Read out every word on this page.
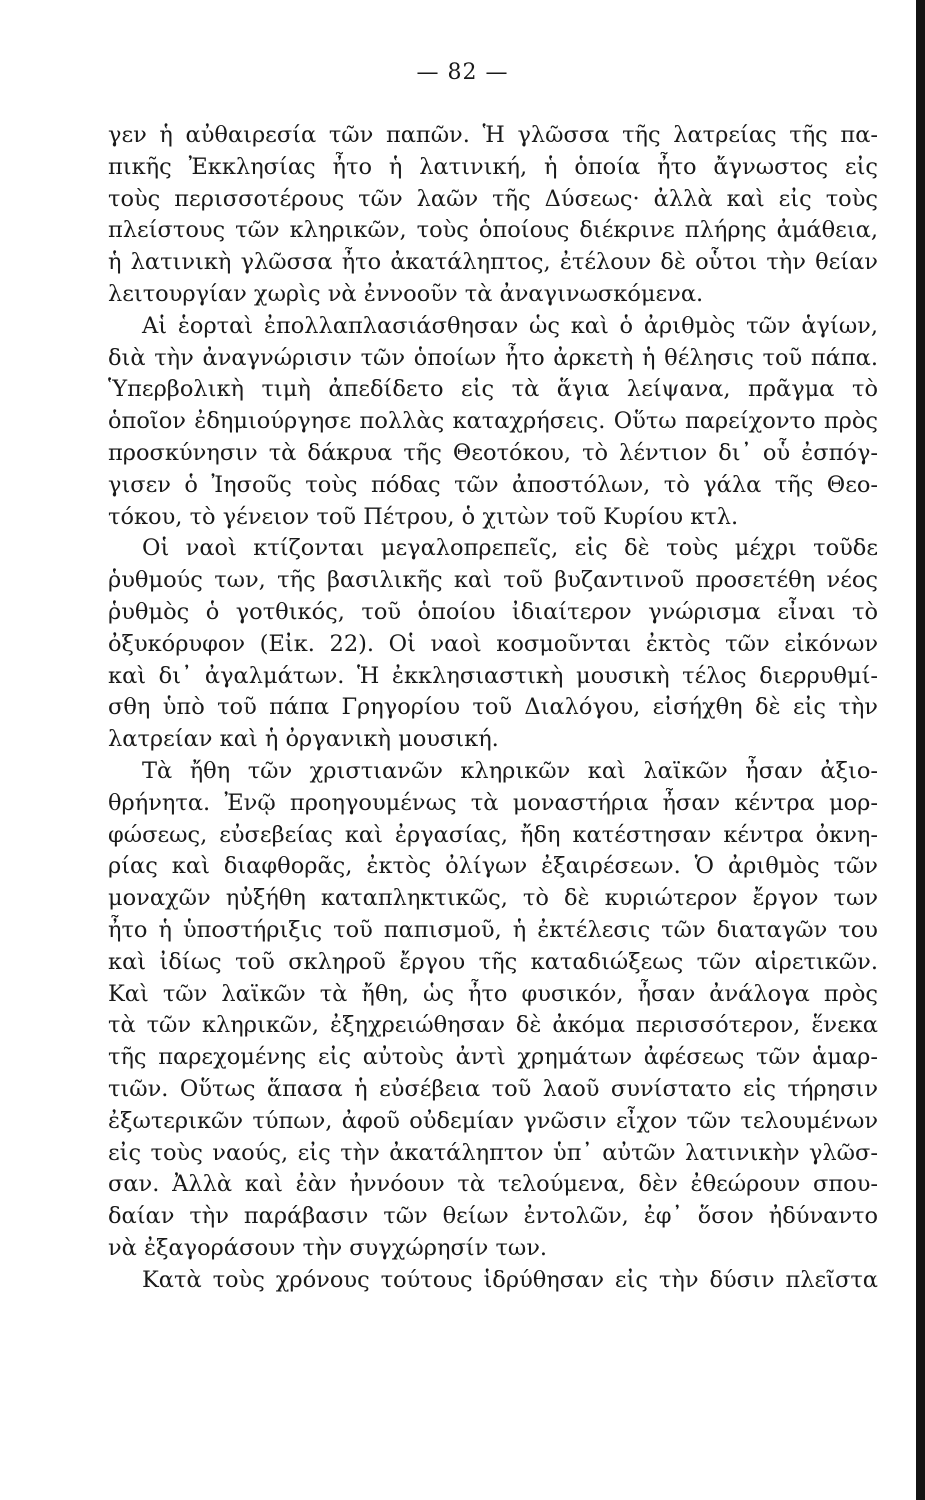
— 82 —
γεν ἡ αὐθαιρεσία τῶν παπῶν. Ἡ γλῶσσα τῆς λατρείας τῆς πα-
πικῆς Ἐκκλησίας ἦτο ἡ λατινική, ἡ ὁποία ἦτο ἄγνωστος εἰς
τοὺς περισσοτέρους τῶν λαῶν τῆς Δύσεως· ἀλλὰ καὶ εἰς τοὺς
πλείστους τῶν κληρικῶν, τοὺς ὁποίους διέκρινε πλήρης ἀμάθεια,
ἡ λατινικὴ γλῶσσα ἦτο ἀκατάληπτος, ἐτέλουν δὲ οὗτοι τὴν θείαν
λειτουργίαν χωρὶς νὰ ἐννοοῦν τὰ ἀναγινωσκόμενα.
Αἱ ἑορταὶ ἐπολλαπλασιάσθησαν ὡς καὶ ὁ ἀριθμὸς τῶν ἁγίων,
διὰ τὴν ἀναγνώρισιν τῶν ὁποίων ἦτο ἀρκετὴ ἡ θέλησις τοῦ πάπα.
Ὑπερβολικὴ τιμὴ ἀπεδίδετο εἰς τὰ ἅγια λείψανα, πρᾶγμα τὸ
ὁποῖον ἐδημιούργησε πολλὰς καταχρήσεις. Οὕτω παρείχοντο πρὸς
προσκύνησιν τὰ δάκρυα τῆς Θεοτόκου, τὸ λέντιον δι᾿ οὗ ἐσπόγ-
γισεν ὁ Ἰησοῦς τοὺς πόδας τῶν ἀποστόλων, τὸ γάλα τῆς Θεο-
τόκου, τὸ γένειον τοῦ Πέτρου, ὁ χιτὼν τοῦ Κυρίου κτλ.
Οἱ ναοὶ κτίζονται μεγαλοπρεπεῖς, εἰς δὲ τοὺς μέχρι τοῦδε
ῥυθμούς των, τῆς βασιλικῆς καὶ τοῦ βυζαντινοῦ προσετέθη νέος
ῥυθμὸς ὁ γοτθικός, τοῦ ὁποίου ἰδιαίτερον γνώρισμα εἶναι τὸ
ὀξυκόρυφον (Εἰκ. 22). Οἱ ναοὶ κοσμοῦνται ἐκτὸς τῶν εἰκόνων
καὶ δι᾿ ἀγαλμάτων. Ἡ ἐκκλησιαστικὴ μουσικὴ τέλος διερρυθμί-
σθη ὑπὸ τοῦ πάπα Γρηγορίου τοῦ Διαλόγου, εἰσήχθη δὲ εἰς τὴν
λατρείαν καὶ ἡ ὀργανικὴ μουσική.
Τὰ ἤθη τῶν χριστιανῶν κληρικῶν καὶ λαϊκῶν ἦσαν ἀξιο-
θρήνητα. Ἐνῷ προηγουμένως τὰ μοναστήρια ἦσαν κέντρα μορ-
φώσεως, εὐσεβείας καὶ ἐργασίας, ἤδη κατέστησαν κέντρα ὀκνη-
ρίας καὶ διαφθορᾶς, ἐκτὸς ὀλίγων ἐξαιρέσεων. Ὁ ἀριθμὸς τῶν
μοναχῶν ηὐξήθη καταπληκτικῶς, τὸ δὲ κυριώτερον ἔργον των
ἦτο ἡ ὑποστήριξις τοῦ παπισμοῦ, ἡ ἐκτέλεσις τῶν διαταγῶν του
καὶ ἰδίως τοῦ σκληροῦ ἔργου τῆς καταδιώξεως τῶν αἱρετικῶν.
Καὶ τῶν λαϊκῶν τὰ ἤθη, ὡς ἦτο φυσικόν, ἦσαν ἀνάλογα πρὸς
τὰ τῶν κληρικῶν, ἐξηχρειώθησαν δὲ ἀκόμα περισσότερον, ἕνεκα
τῆς παρεχομένης εἰς αὐτοὺς ἀντὶ χρημάτων ἀφέσεως τῶν ἁμαρ-
τιῶν. Οὕτως ἅπασα ἡ εὐσέβεια τοῦ λαοῦ συνίστατο εἰς τήρησιν
ἐξωτερικῶν τύπων, ἀφοῦ οὐδεμίαν γνῶσιν εἶχον τῶν τελουμένων
εἰς τοὺς ναούς, εἰς τὴν ἀκατάληπτον ὑπ᾿ αὐτῶν λατινικὴν γλῶσ-
σαν. Ἀλλὰ καὶ ἐὰν ἠννόουν τὰ τελούμενα, δὲν ἐθεώρουν σπου-
δαίαν τὴν παράβασιν τῶν θείων ἐντολῶν, ἐφ᾿ ὅσον ἠδύναντο
νὰ ἐξαγοράσουν τὴν συγχώρησίν των.
Κατὰ τοὺς χρόνους τούτους ἱδρύθησαν εἰς τὴν δύσιν πλεῖστα
